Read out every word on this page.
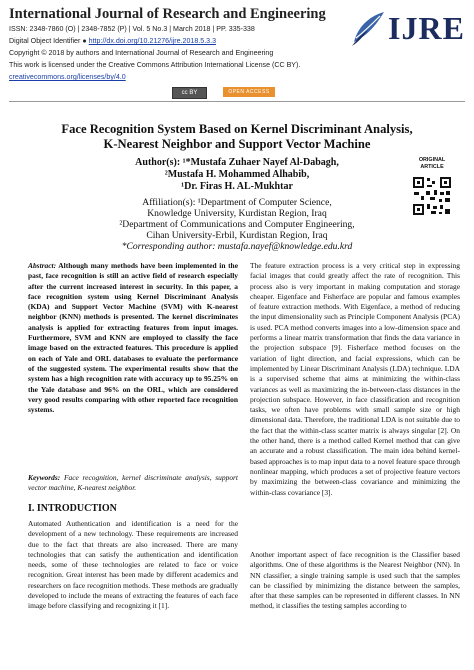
International Journal of Research and Engineering
ISSN: 2348-7860 (O) | 2348-7852 (P) | Vol. 5 No.3 | March 2018 | PP. 335-338
Digital Object Identifier ● http://dx.doi.org/10.21276/ijre.2018.5.3.3
Copyright © 2018 by authors and International Journal of Research and Engineering
This work is licensed under the Creative Commons Attribution International License (CC BY).
creativecommons.org/licenses/by/4.0
cc BY	OPEN ACCESS
IJRE
Face Recognition System Based on Kernel Discriminant Analysis,
K-Nearest Neighbor and Support Vector Machine
Author(s): ¹*Mustafa Zuhaer Nayef Al-Dabagh,
²Mustafa H. Mohammed Alhabib,
¹Dr. Firas H. AL-Mukhtar
Affiliation(s): ¹Department of Computer Science,
Knowledge University, Kurdistan Region, Iraq
²Department of Communications and Computer Engineering,
Cihan University-Erbil, Kurdistan Region, Iraq
*Corresponding author: mustafa.nayef@knowledge.edu.krd
ORIGINAL ARTICLE
Abstract: Although many methods have been implemented in the past, face recognition is still an active field of research especially after the current increased interest in security. In this paper, a face recognition system using Kernel Discriminant Analysis (KDA) and Support Vector Machine (SVM) with K-nearest neighbor (KNN) methods is presented. The kernel discriminates analysis is applied for extracting features from input images. Furthermore, SVM and KNN are employed to classify the face image based on the extracted features. This procedure is applied on each of Yale and ORL databases to evaluate the performance of the suggested system. The experimental results show that the system has a high recognition rate with accuracy up to 95.25% on the Yale database and 96% on the ORL, which are considered very good results comparing with other reported face recognition systems.
Keywords: Face recognition, kernel discriminate analysis, support vector machine, K-nearest neighbor.
I. INTRODUCTION
Automated Authentication and identification is a need for the development of a new technology. These requirements are increased due to the fact that threats are also increased. There are many technologies that can satisfy the authentication and identification needs, some of these technologies are related to face or voice recognition. Great interest has been made by different academics and researchers on face recognition methods. These methods are gradually developed to include the means of extracting the features of each face image before classifying and recognizing it [1].
The feature extraction process is a very critical step in expressing facial images that could greatly affect the rate of recognition. This process also is very important in making computation and storage cheaper. Eigenface and Fisherface are popular and famous examples of feature extraction methods. With Eigenface, a method of reducing the input dimensionality such as Principle Component Analysis (PCA) is used. PCA method converts images into a low-dimension space and performs a linear matrix transformation that finds the data variance in the projection subspace [9]. Fisherface method focuses on the variation of light direction, and facial expressions, which can be implemented by Linear Discriminant Analysis (LDA) technique. LDA is a supervised scheme that aims at minimizing the within-class variances as well as maximizing the in-between-class distances in the projection subspace. However, in face classification and recognition tasks, we often have problems with small sample size or high dimensional data. Therefore, the traditional LDA is not suitable due to the fact that the within-class scatter matrix is always singular [2]. On the other hand, there is a method called Kernel method that can give an accurate and a robust classification. The main idea behind kernel-based approaches is to map input data to a novel feature space through nonlinear mapping, which produces a set of projective feature vectors by maximizing the between-class covariance and minimizing the within-class covariance [3].
Another important aspect of face recognition is the Classifier based algorithms. One of these algorithms is the Nearest Neighbor (NN). In NN classifier, a single training sample is used such that the samples can be classified by minimizing the distance between the samples, after that these samples can be represented in different classes. In NN method, it classifies the testing samples according to
